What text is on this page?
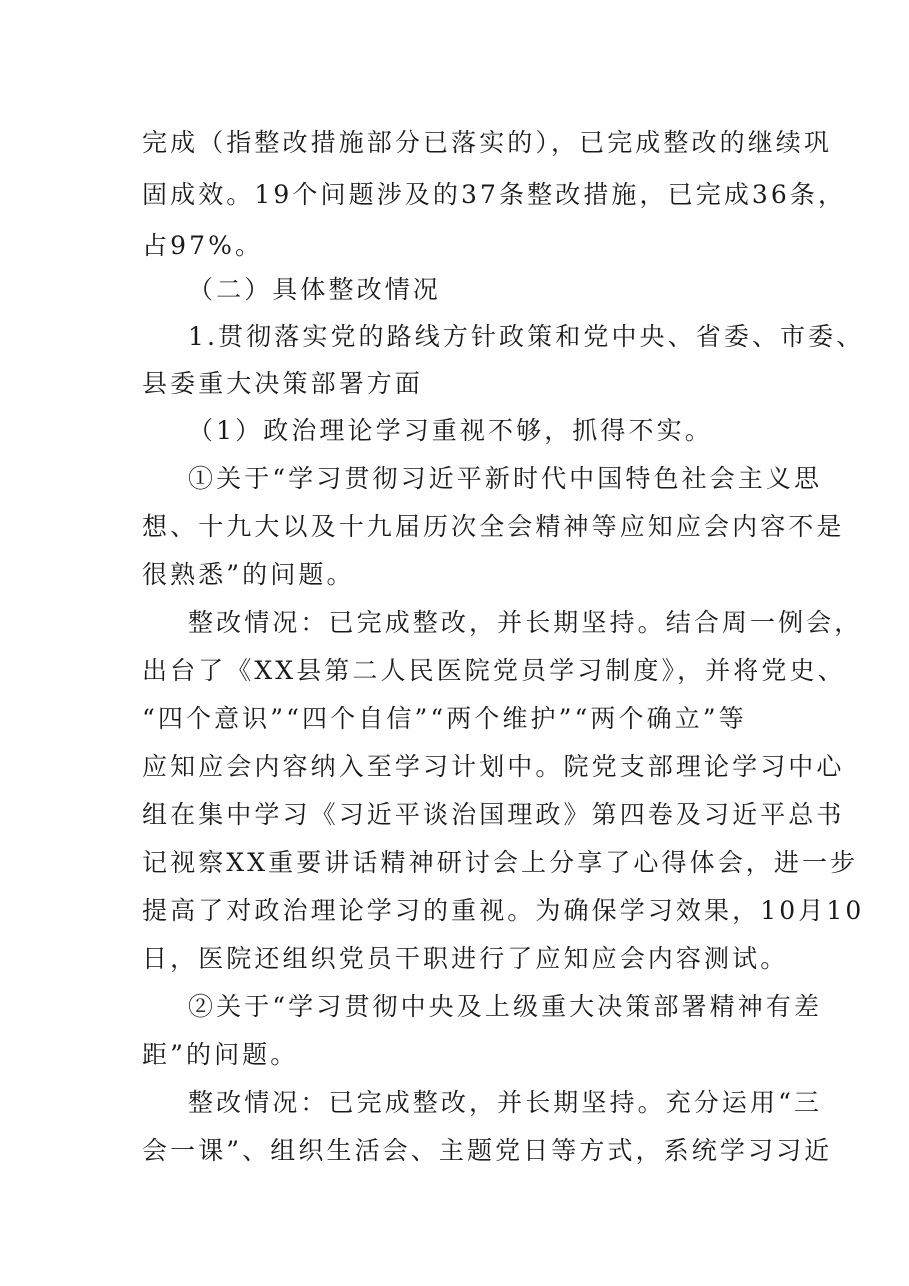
完成（指整改措施部分已落实的），已完成整改的继续巩

固成效。19个问题涉及的37条整改措施，已完成36条，

占97%。

（二）具体整改情况

1.贯彻落实党的路线方针政策和党中央、省委、市委、

县委重大决策部署方面

（1）政治理论学习重视不够，抓得不实。

①关于“学习贯彻习近平新时代中国特色社会主义思

想、十九大以及十九届历次全会精神等应知应会内容不是

很熟悉”的问题。

整改情况：已完成整改，并长期坚持。结合周一例会，

出台了《XX县第二人民医院党员学习制度》，并将党史、

“四个意识”“四个自信”“两个维护”“两个确立”等

应知应会内容纳入至学习计划中。院党支部理论学习中心

组在集中学习《习近平谈治国理政》第四卷及习近平总书

记视察XX重要讲话精神研讨会上分享了心得体会，进一步

提高了对政治理论学习的重视。为确保学习效果，10月10

日，医院还组织党员干职进行了应知应会内容测试。

②关于“学习贯彻中央及上级重大决策部署精神有差

距”的问题。

整改情况：已完成整改，并长期坚持。充分运用“三

会一课”、组织生活会、主题党日等方式，系统学习习近
